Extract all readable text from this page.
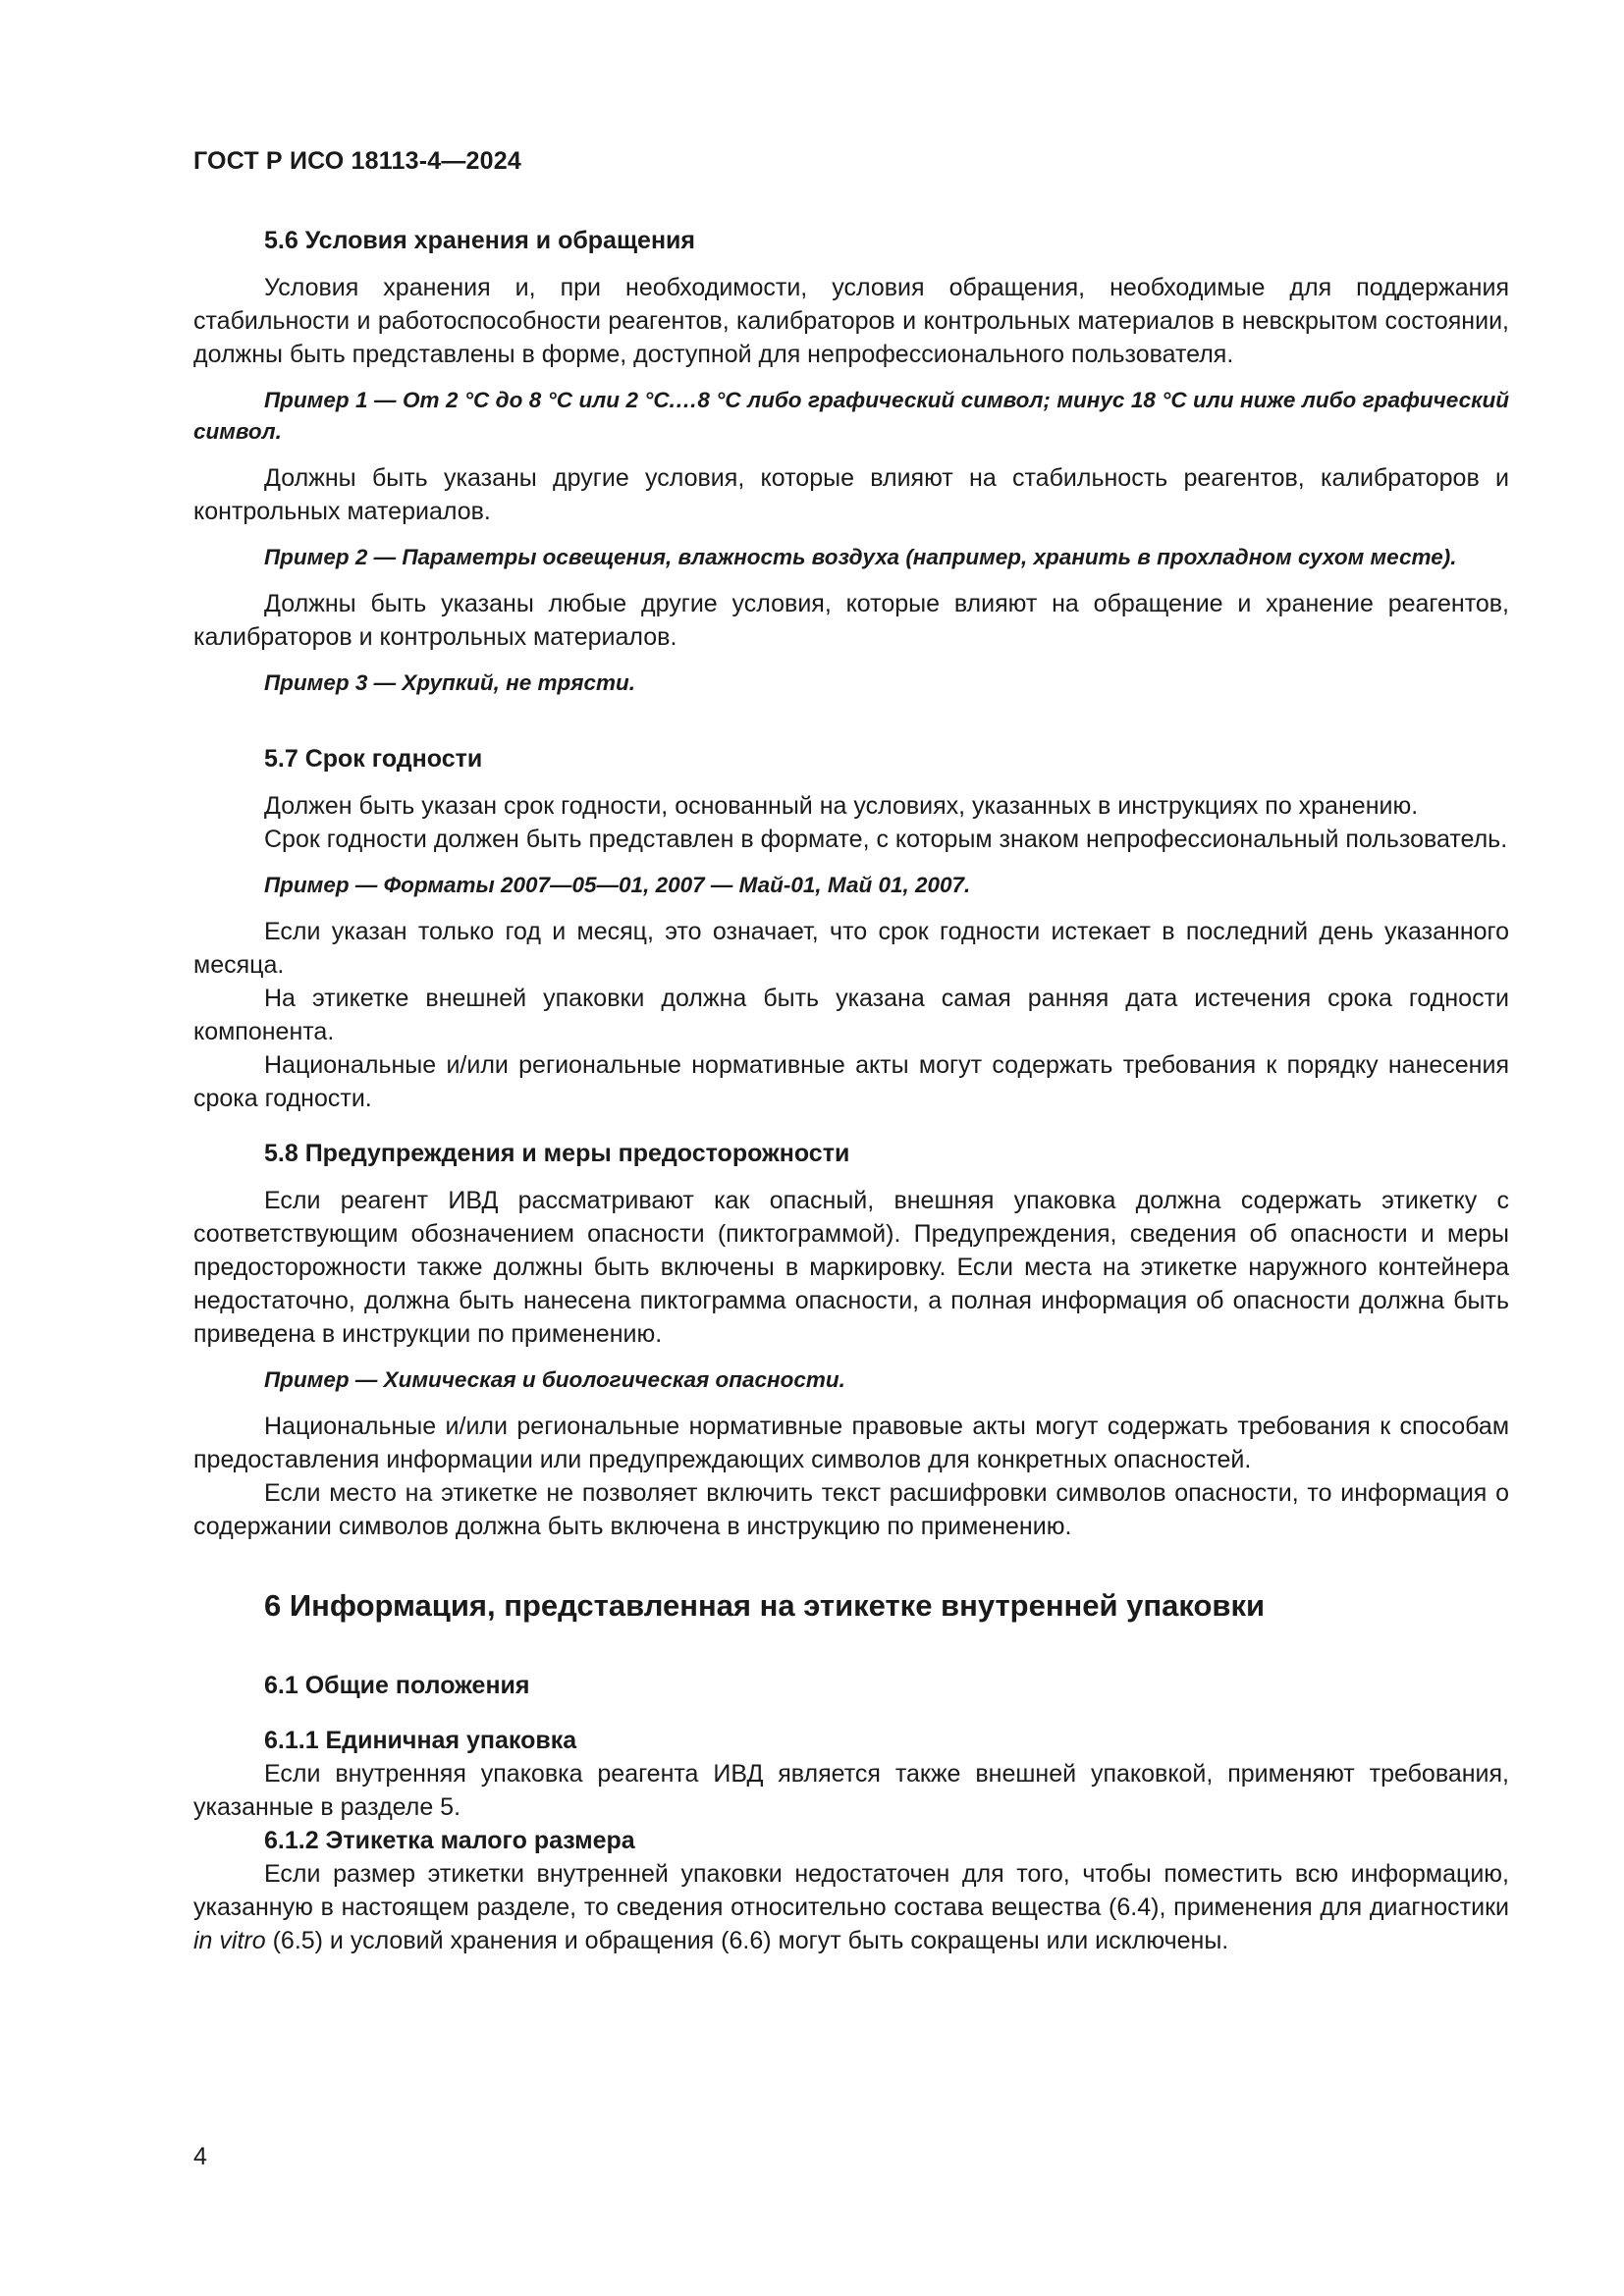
ГОСТ Р ИСО 18113-4—2024

5.6 Условия хранения и обращения

Условия хранения и, при необходимости, условия обращения, необходимые для поддержания стабильности и работоспособности реагентов, калибраторов и контрольных материалов в невскрытом состоянии, должны быть представлены в форме, доступной для непрофессионального пользователя.

Пример 1 — От 2 °С до 8 °С или 2 °С.…8 °С либо графический символ; минус 18 °С или ниже либо графический символ.

Должны быть указаны другие условия, которые влияют на стабильность реагентов, калибраторов и контрольных материалов.

Пример 2 — Параметры освещения, влажность воздуха (например, хранить в прохладном сухом месте).

Должны быть указаны любые другие условия, которые влияют на обращение и хранение реагентов, калибраторов и контрольных материалов.

Пример 3 — Хрупкий, не трясти.

5.7 Срок годности

Должен быть указан срок годности, основанный на условиях, указанных в инструкциях по хранению.

Срок годности должен быть представлен в формате, с которым знаком непрофессиональный пользователь.

Пример — Форматы 2007—05—01, 2007 — Май-01, Май 01, 2007.

Если указан только год и месяц, это означает, что срок годности истекает в последний день указанного месяца.

На этикетке внешней упаковки должна быть указана самая ранняя дата истечения срока годности компонента.

Национальные и/или региональные нормативные акты могут содержать требования к порядку нанесения срока годности.

5.8 Предупреждения и меры предосторожности

Если реагент ИВД рассматривают как опасный, внешняя упаковка должна содержать этикетку с соответствующим обозначением опасности (пиктограммой). Предупреждения, сведения об опасности и меры предосторожности также должны быть включены в маркировку. Если места на этикетке наружного контейнера недостаточно, должна быть нанесена пиктограмма опасности, а полная информация об опасности должна быть приведена в инструкции по применению.

Пример — Химическая и биологическая опасности.

Национальные и/или региональные нормативные правовые акты могут содержать требования к способам предоставления информации или предупреждающих символов для конкретных опасностей.

Если место на этикетке не позволяет включить текст расшифровки символов опасности, то информация о содержании символов должна быть включена в инструкцию по применению.

6 Информация, представленная на этикетке внутренней упаковки

6.1 Общие положения

6.1.1 Единичная упаковка

Если внутренняя упаковка реагента ИВД является также внешней упаковкой, применяют требования, указанные в разделе 5.

6.1.2 Этикетка малого размера

Если размер этикетки внутренней упаковки недостаточен для того, чтобы поместить всю информацию, указанную в настоящем разделе, то сведения относительно состава вещества (6.4), применения для диагностики in vitro (6.5) и условий хранения и обращения (6.6) могут быть сокращены или исключены.

4
